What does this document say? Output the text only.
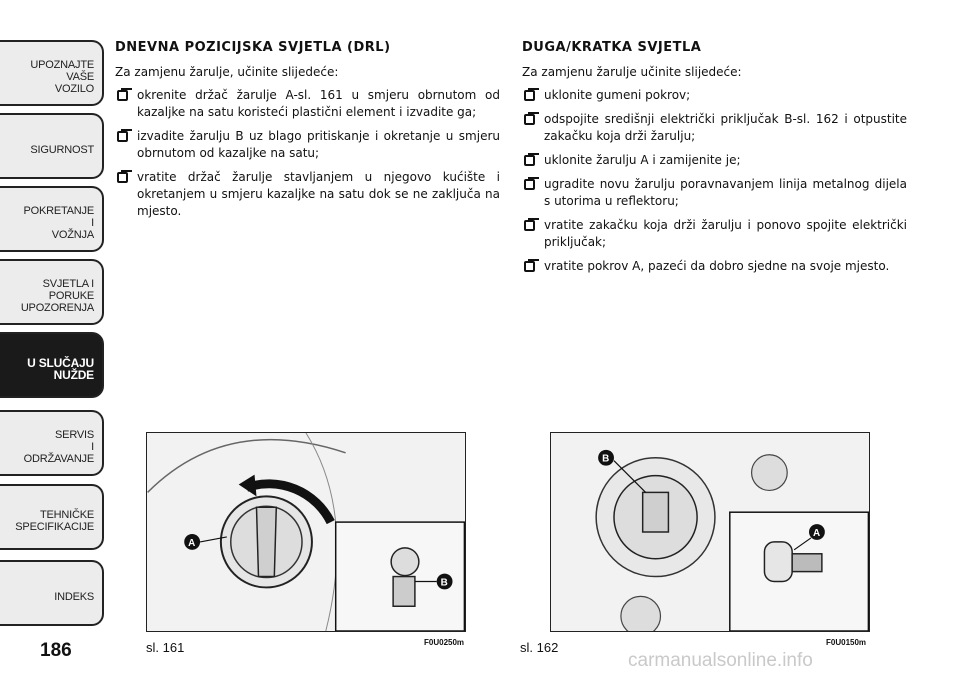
UPOZNAJTE
VAŠE
VOZILO
SIGURNOST
POKRETANJE
I
VOŽNJA
SVJETLA I
PORUKE
UPOZORENJA
U SLUČAJU
NUŽDE
SERVIS
I
ODRŽAVANJE
TEHNIČKE
SPECIFIKACIJE
INDEKS
186
DNEVNA POZICIJSKA SVJETLA (DRL)

Za zamjenu žarulje, učinite slijedeće:

okrenite držač žarulje A-sl. 161 u smjeru obrnutom od kazaljke na satu koristeći plastični element i izvadite ga;
izvadite žarulju B uz blago pritiskanje i okretanje u smjeru obrnutom od kazaljke na satu;
vratite držač žarulje stavljanjem u njegovo kućište i okretanjem u smjeru kazaljke na satu dok se ne zaključa na mjesto.
DUGA/KRATKA SVJETLA

Za zamjenu žarulje učinite slijedeće:

uklonite gumeni pokrov;
odspojite središnji električki priključak B-sl. 162 i otpustite zakačku koja drži žarulju;
uklonite žarulju A i zamijenite je;
ugradite novu žarulju poravnavanjem linija metalnog dijela s utorima u reflektoru;
vratite zakačku koja drži žarulju i ponovo spojite električki priključak;
vratite pokrov A, pazeći da dobro sjedne na svoje mjesto.
A
B
sl. 161	F0U0250m
B
A
sl. 162	F0U0150m
carmanualsonline.info
